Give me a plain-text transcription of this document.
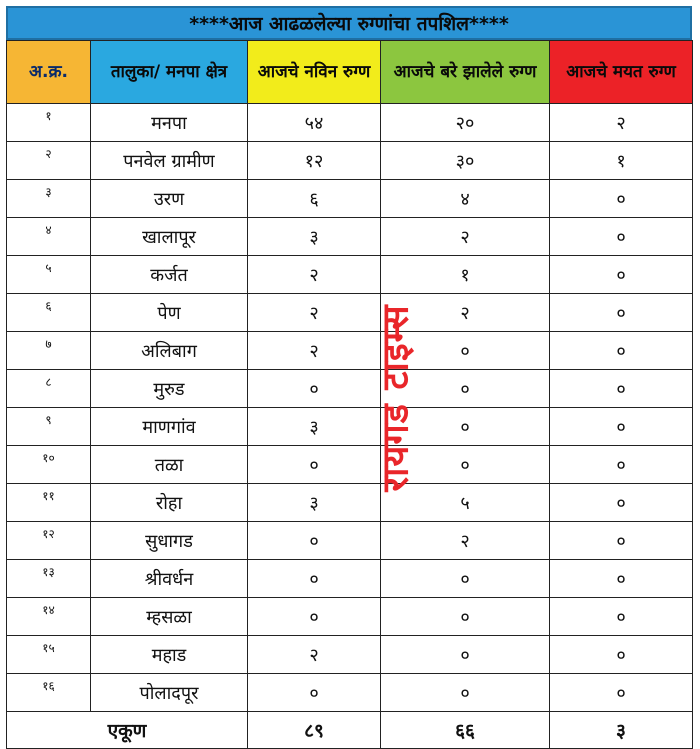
****आज आढळलेल्या रुग्णांचा तपशिल****
अ.क्र.	तालुका/ मनपा क्षेत्र	आजचे नविन रुग्ण	आजचे बरे झालेले रुग्ण	आजचे मयत रुग्ण
१	मनपा	५४	२०	२
२	पनवेल ग्रामीण	१२	३०	१
३	उरण	६	४	०
४	खालापूर	३	२	०
५	कर्जत	२	१	०
६	पेण	२	२	०
७	अलिबाग	२	०	०
८	मुरुड	०	०	०
९	माणगांव	३	०	०
१०	तळा	०	०	०
११	रोहा	३	५	०
१२	सुधागड	०	२	०
१३	श्रीवर्धन	०	०	०
१४	म्हसळा	०	०	०
१५	महाड	२	०	०
१६	पोलादपूर	०	०	०
एकूण		८९	६६	३
रायगड टाइम्स
